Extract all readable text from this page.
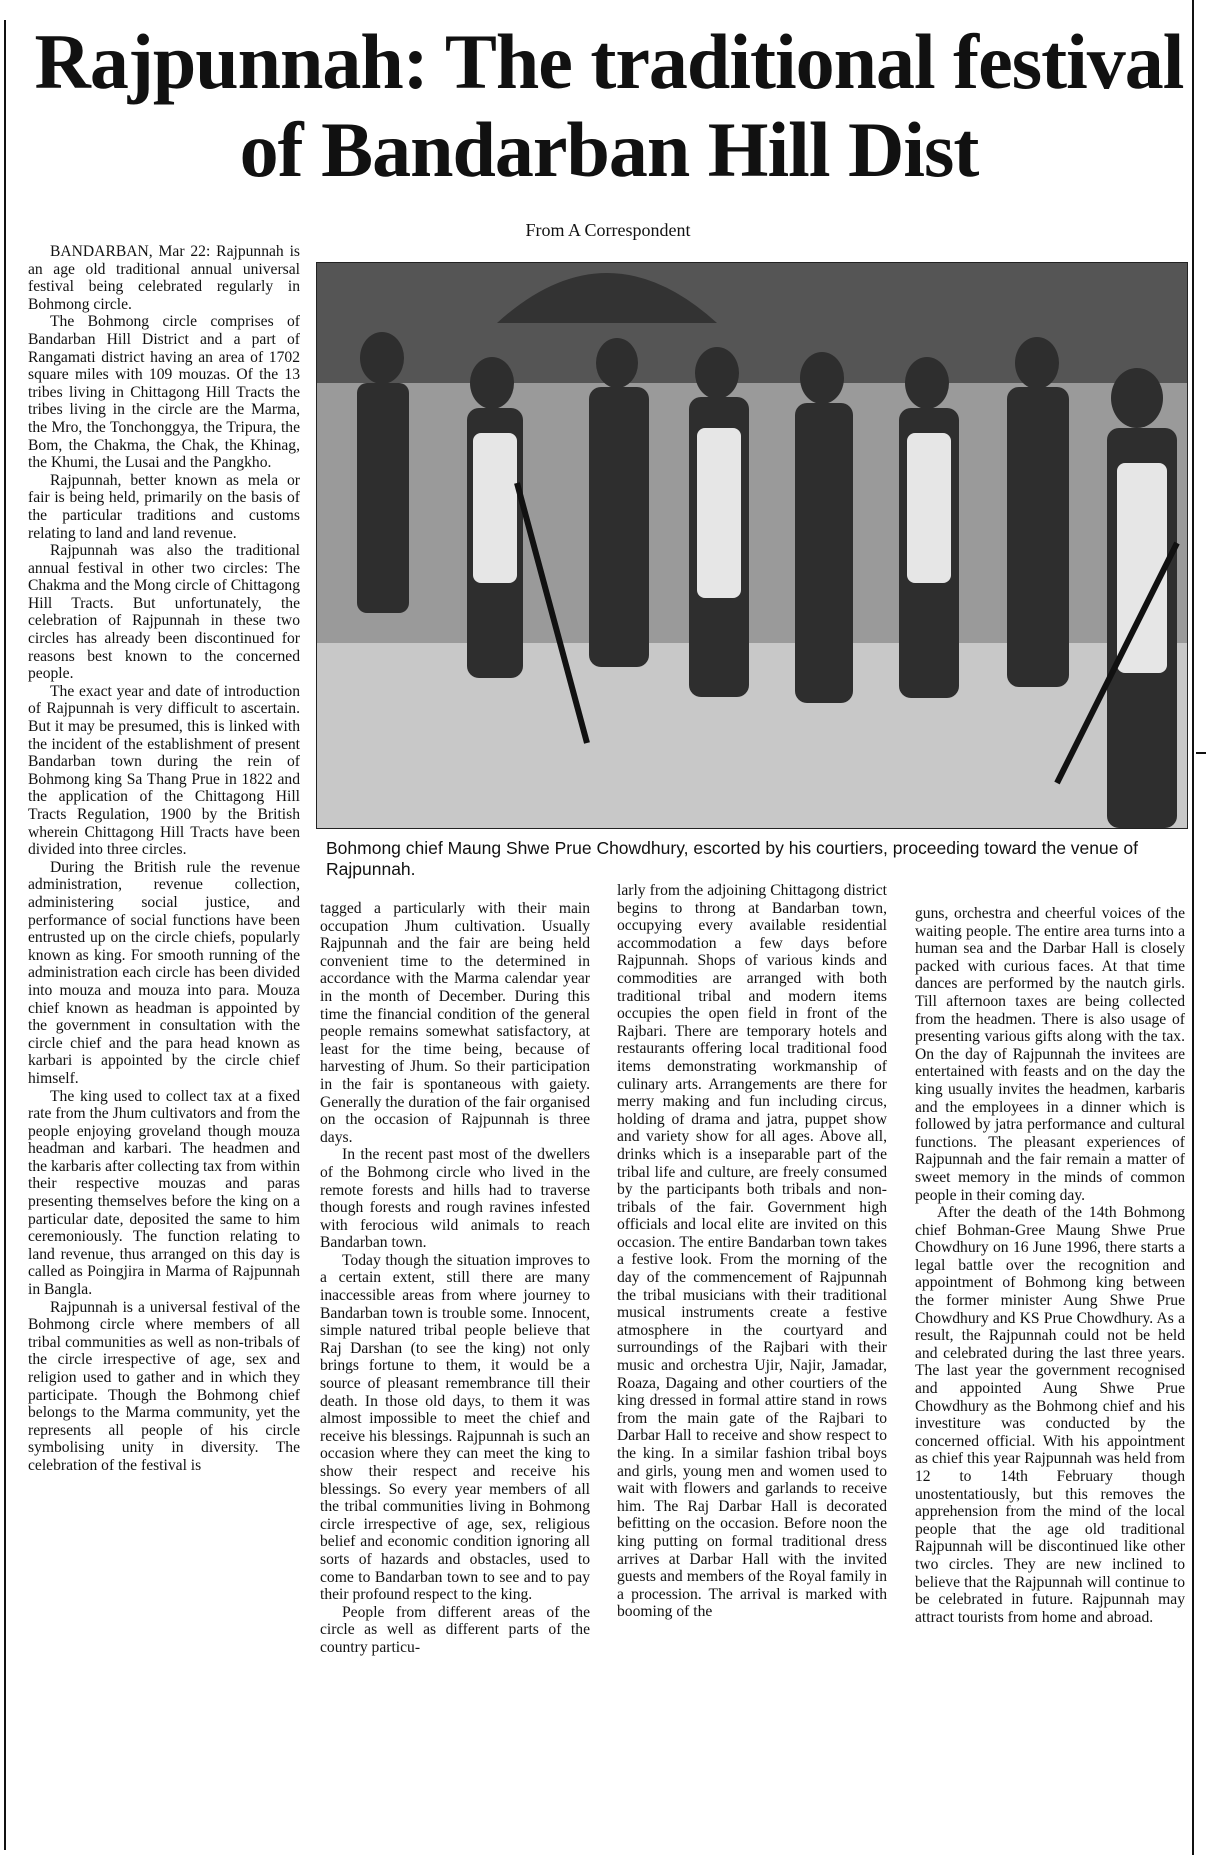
Rajpunnah: The traditional festival
of Bandarban Hill Dist
From A Correspondent

Bohmong chief Maung Shwe Prue Chowdhury, escorted by his courtiers, proceeding toward the venue of Rajpunnah.

BANDARBAN, Mar 22: Rajpunnah is an age old traditional annual universal festival being celebrated regularly in Bohmong circle.

The Bohmong circle comprises of Bandarban Hill District and a part of Rangamati district having an area of 1702 square miles with 109 mouzas. Of the 13 tribes living in Chittagong Hill Tracts the tribes living in the circle are the Marma, the Mro, the Tonchonggya, the Tripura, the Bom, the Chakma, the Chak, the Khinag, the Khumi, the Lusai and the Pangkho.

Rajpunnah, better known as mela or fair is being held, primarily on the basis of the particular traditions and customs relating to land and land revenue.

Rajpunnah was also the traditional annual festival in other two circles: The Chakma and the Mong circle of Chittagong Hill Tracts. But unfortunately, the celebration of Rajpunnah in these two circles has already been discontinued for reasons best known to the concerned people.

The exact year and date of introduction of Rajpunnah is very difficult to ascertain. But it may be presumed, this is linked with the incident of the establishment of present Bandarban town during the rein of Bohmong king Sa Thang Prue in 1822 and the application of the Chittagong Hill Tracts Regulation, 1900 by the British wherein Chittagong Hill Tracts have been divided into three circles.

During the British rule the revenue administration, revenue collection, administering social justice, and performance of social functions have been entrusted up on the circle chiefs, popularly known as king. For smooth running of the administration each circle has been divided into mouza and mouza into para. Mouza chief known as headman is appointed by the government in consultation with the circle chief and the para head known as karbari is appointed by the circle chief himself.

The king used to collect tax at a fixed rate from the Jhum cultivators and from the people enjoying groveland though mouza headman and karbari. The headmen and the karbaris after collecting tax from within their respective mouzas and paras presenting themselves before the king on a particular date, deposited the same to him ceremoniously. The function relating to land revenue, thus arranged on this day is called as Poingjira in Marma of Rajpunnah in Bangla.

Rajpunnah is a universal festival of the Bohmong circle where members of all tribal communities as well as non-tribals of the circle irrespective of age, sex and religion used to gather and in which they participate. Though the Bohmong chief belongs to the Marma community, yet the represents all people of his circle symbolising unity in diversity. The celebration of the festival is

tagged a particularly with their main occupation Jhum cultivation. Usually Rajpunnah and the fair are being held convenient time to the determined in accordance with the Marma calendar year in the month of December. During this time the financial condition of the general people remains somewhat satisfactory, at least for the time being, because of harvesting of Jhum. So their participation in the fair is spontaneous with gaiety. Generally the duration of the fair organised on the occasion of Rajpunnah is three days.

In the recent past most of the dwellers of the Bohmong circle who lived in the remote forests and hills had to traverse though forests and rough ravines infested with ferocious wild animals to reach Bandarban town.

Today though the situation improves to a certain extent, still there are many inaccessible areas from where journey to Bandarban town is trouble some. Innocent, simple natured tribal people believe that Raj Darshan (to see the king) not only brings fortune to them, it would be a source of pleasant remembrance till their death. In those old days, to them it was almost impossible to meet the chief and receive his blessings. Rajpunnah is such an occasion where they can meet the king to show their respect and receive his blessings. So every year members of all the tribal communities living in Bohmong circle irrespective of age, sex, religious belief and economic condition ignoring all sorts of hazards and obstacles, used to come to Bandarban town to see and to pay their profound respect to the king.

People from different areas of the circle as well as different parts of the country particu-

larly from the adjoining Chittagong district begins to throng at Bandarban town, occupying every available residential accommodation a few days before Rajpunnah. Shops of various kinds and commodities are arranged with both traditional tribal and modern items occupies the open field in front of the Rajbari. There are temporary hotels and restaurants offering local traditional food items demonstrating workmanship of culinary arts. Arrangements are there for merry making and fun including circus, holding of drama and jatra, puppet show and variety show for all ages. Above all, drinks which is a inseparable part of the tribal life and culture, are freely consumed by the participants both tribals and non-tribals of the fair. Government high officials and local elite are invited on this occasion. The entire Bandarban town takes a festive look. From the morning of the day of the commencement of Rajpunnah the tribal musicians with their traditional musical instruments create a festive atmosphere in the courtyard and surroundings of the Rajbari with their music and orchestra Ujir, Najir, Jamadar, Roaza, Dagaing and other courtiers of the king dressed in formal attire stand in rows from the main gate of the Rajbari to Darbar Hall to receive and show respect to the king. In a similar fashion tribal boys and girls, young men and women used to wait with flowers and garlands to receive him. The Raj Darbar Hall is decorated befitting on the occasion. Before noon the king putting on formal traditional dress arrives at Darbar Hall with the invited guests and members of the Royal family in a procession. The arrival is marked with booming of the

guns, orchestra and cheerful voices of the waiting people. The entire area turns into a human sea and the Darbar Hall is closely packed with curious faces. At that time dances are performed by the nautch girls. Till afternoon taxes are being collected from the headmen. There is also usage of presenting various gifts along with the tax. On the day of Rajpunnah the invitees are entertained with feasts and on the day the king usually invites the headmen, karbaris and the employees in a dinner which is followed by jatra performance and cultural functions. The pleasant experiences of Rajpunnah and the fair remain a matter of sweet memory in the minds of common people in their coming day.

After the death of the 14th Bohmong chief Bohman-Gree Maung Shwe Prue Chowdhury on 16 June 1996, there starts a legal battle over the recognition and appointment of Bohmong king between the former minister Aung Shwe Prue Chowdhury and KS Prue Chowdhury. As a result, the Rajpunnah could not be held and celebrated during the last three years. The last year the government recognised and appointed Aung Shwe Prue Chowdhury as the Bohmong chief and his investiture was conducted by the concerned official. With his appointment as chief this year Rajpunnah was held from 12 to 14th February though unostentatiously, but this removes the apprehension from the mind of the local people that the age old traditional Rajpunnah will be discontinued like other two circles. They are new inclined to believe that the Rajpunnah will continue to be celebrated in future. Rajpunnah may attract tourists from home and abroad.
